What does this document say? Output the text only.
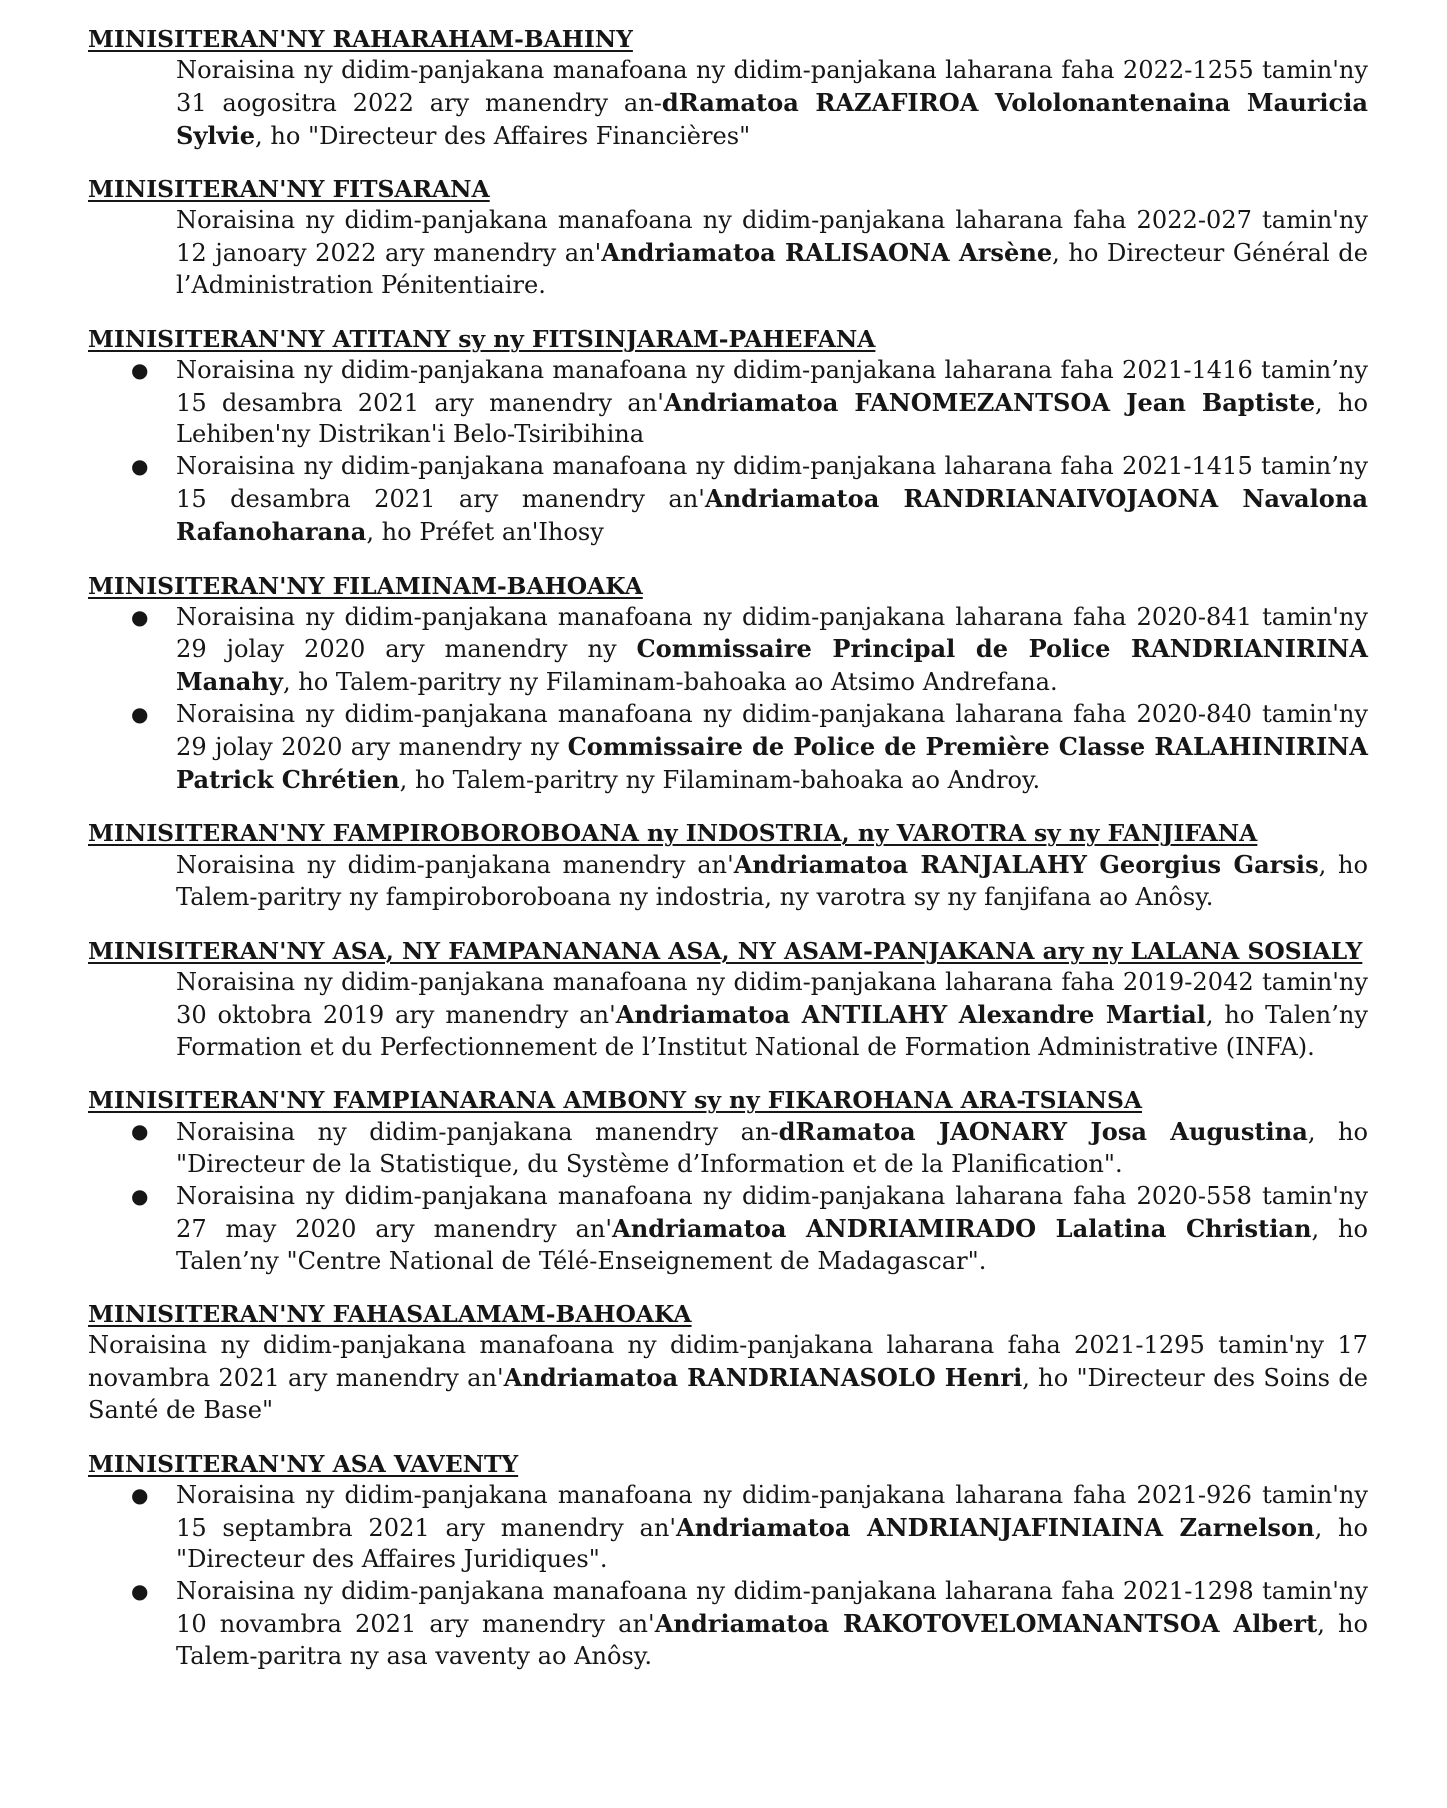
MINISITERAN'NY RAHARAHAM-BAHINY

Noraisina ny didim-panjakana manafoana ny didim-panjakana laharana faha 2022-1255 tamin'ny 31 aogositra 2022 ary manendry an-dRamatoa RAZAFIROA Vololonantenaina Mauricia Sylvie, ho "Directeur des Affaires Financières"

MINISITERAN'NY FITSARANA

Noraisina ny didim-panjakana manafoana ny didim-panjakana laharana faha 2022-027 tamin'ny 12 janoary 2022 ary manendry an'Andriamatoa RALISAONA Arsène, ho Directeur Général de l’Administration Pénitentiaire.

MINISITERAN'NY ATITANY sy ny FITSINJARAM-PAHEFANA

● Noraisina ny didim-panjakana manafoana ny didim-panjakana laharana faha 2021-1416 tamin’ny 15 desambra 2021 ary manendry an'Andriamatoa FANOMEZANTSOA Jean Baptiste, ho Lehiben'ny Distrikan'i Belo-Tsiribihina
● Noraisina ny didim-panjakana manafoana ny didim-panjakana laharana faha 2021-1415 tamin’ny 15 desambra 2021 ary manendry an'Andriamatoa RANDRIANAIVOJAONA Navalona Rafanoharana, ho Préfet an'Ihosy

MINISITERAN'NY FILAMINAM-BAHOAKA

● Noraisina ny didim-panjakana manafoana ny didim-panjakana laharana faha 2020-841 tamin'ny 29 jolay 2020 ary manendry ny Commissaire Principal de Police RANDRIANIRINA Manahy, ho Talem-paritry ny Filaminam-bahoaka ao Atsimo Andrefana.
● Noraisina ny didim-panjakana manafoana ny didim-panjakana laharana faha 2020-840 tamin'ny 29 jolay 2020 ary manendry ny Commissaire de Police de Première Classe RALAHINIRINA Patrick Chrétien, ho Talem-paritry ny Filaminam-bahoaka ao Androy.

MINISITERAN'NY FAMPIROBOROBOANA ny INDOSTRIA, ny VAROTRA sy ny FANJIFANA

Noraisina ny didim-panjakana manendry an'Andriamatoa RANJALAHY Georgius Garsis, ho Talem-paritry ny fampiroboroboana ny indostria, ny varotra sy ny fanjifana ao Anôsy.

MINISITERAN'NY ASA, NY FAMPANANANA ASA, NY ASAM-PANJAKANA ary ny LALANA SOSIALY

Noraisina ny didim-panjakana manafoana ny didim-panjakana laharana faha 2019-2042 tamin'ny 30 oktobra 2019 ary manendry an'Andriamatoa ANTILAHY Alexandre Martial, ho Talen’ny Formation et du Perfectionnement de l’Institut National de Formation Administrative (INFA).

MINISITERAN'NY FAMPIANARANA AMBONY sy ny FIKAROHANA ARA-TSIANSA

● Noraisina ny didim-panjakana manendry an-dRamatoa JAONARY Josa Augustina, ho "Directeur de la Statistique, du Système d’Information et de la Planification".
● Noraisina ny didim-panjakana manafoana ny didim-panjakana laharana faha 2020-558 tamin'ny 27 may 2020 ary manendry an'Andriamatoa ANDRIAMIRADO Lalatina Christian, ho Talen’ny "Centre National de Télé-Enseignement de Madagascar".

MINISITERAN'NY FAHASALAMAM-BAHOAKA

Noraisina ny didim-panjakana manafoana ny didim-panjakana laharana faha 2021-1295 tamin'ny 17 novambra 2021 ary manendry an'Andriamatoa RANDRIANASOLO Henri, ho "Directeur des Soins de Santé de Base"

MINISITERAN'NY ASA VAVENTY

● Noraisina ny didim-panjakana manafoana ny didim-panjakana laharana faha 2021-926 tamin'ny 15 septambra 2021 ary manendry an'Andriamatoa ANDRIANJAFINIAINA Zarnelson, ho "Directeur des Affaires Juridiques".
● Noraisina ny didim-panjakana manafoana ny didim-panjakana laharana faha 2021-1298 tamin'ny 10 novambra 2021 ary manendry an'Andriamatoa RAKOTOVELOMANANTSOA Albert, ho Talem-paritra ny asa vaventy ao Anôsy.
